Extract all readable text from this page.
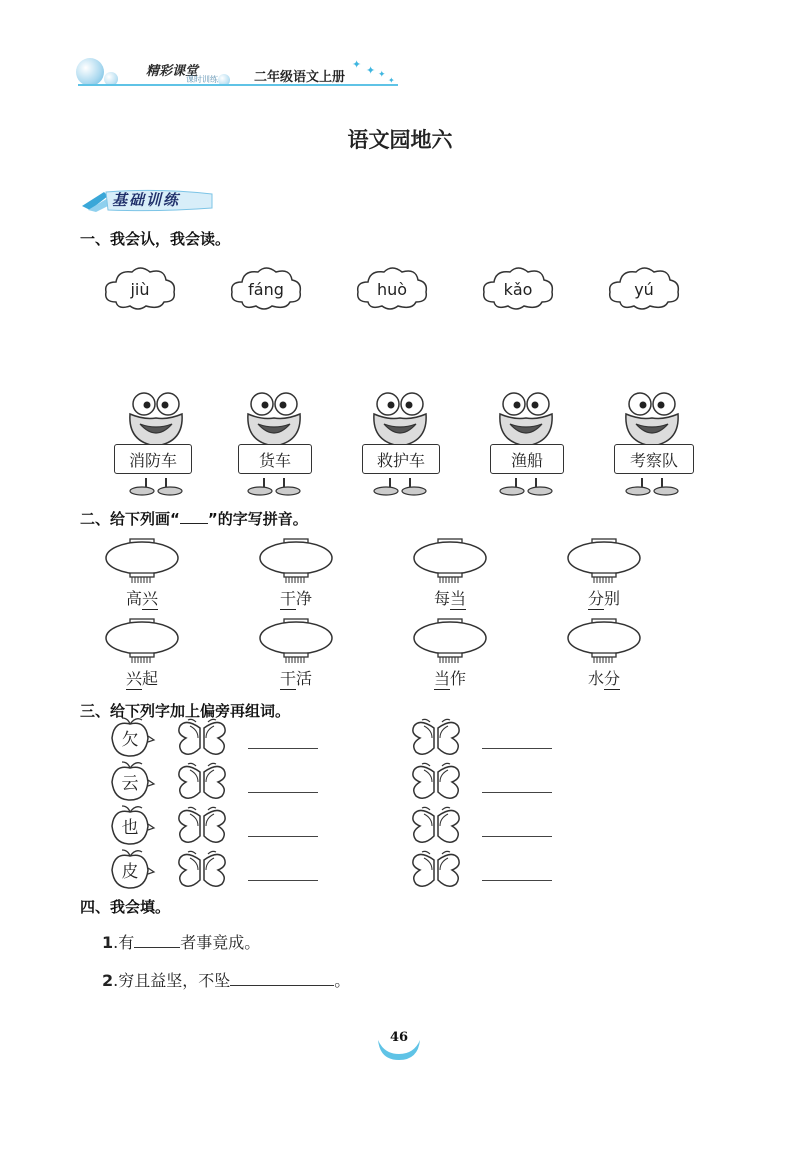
精彩课堂
课时训练	二年级语文上册
✦ ✦ ✦
✦
语文园地六
基础训练
一、我会认，我会读。
jiù	fáng	huò	kǎo	yú
消防车	货车	救护车	渔船	考察队
二、给下列画“ ”的字写拼音。
高兴	干净	每当	分别
兴起	干活	当作	水分
三、给下列字加上偏旁再组词。
欠
云
也
皮
四、我会填。
1.有	者事竟成。
2.穷且益坚，不坠	。
46
